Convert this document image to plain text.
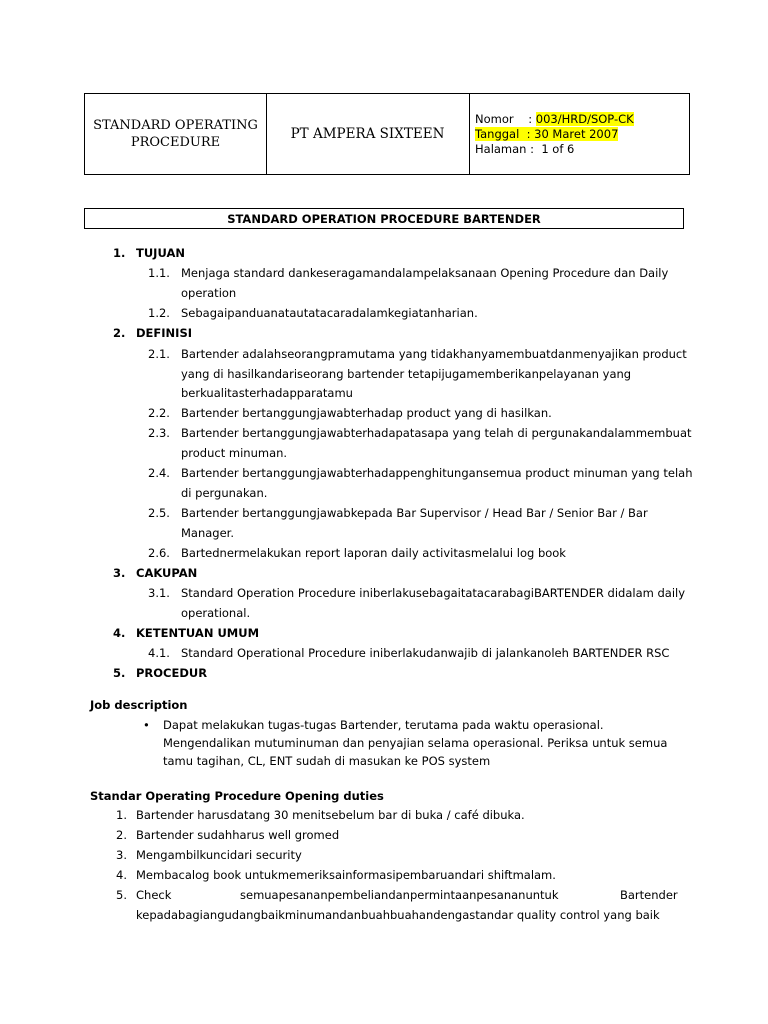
STANDARD OPERATING
PROCEDURE
PT AMPERA SIXTEEN
Nomor    : 003/HRD/SOP-CK
Tanggal  : 30 Maret 2007
Halaman :  1 of 6
STANDARD OPERATION PROCEDURE BARTENDER
1. TUJUAN
1.1. Menjaga standard dankeseragamandalampelaksanaan Opening Procedure dan Daily
operation
1.2. Sebagaipanduanatautatacaradalamkegiatanharian.
2. DEFINISI
2.1. Bartender adalahseorangpramutama yang tidakhanyamembuatdanmenyajikan product
yang di hasilkandariseorang bartender tetapijugamemberikanpelayanan yang
berkualitasterhadapparatamu
2.2. Bartender bertanggungjawabterhadap product yang di hasilkan.
2.3. Bartender bertanggungjawabterhadapatasapa yang telah di pergunakandalammembuat
product minuman.
2.4. Bartender bertanggungjawabterhadappenghitungansemua product minuman yang telah
di pergunakan.
2.5. Bartender bertanggungjawabkepada Bar Supervisor / Head Bar / Senior Bar / Bar
Manager.
2.6. Bartednermelakukan report laporan daily activitasmelalui log book
3. CAKUPAN
3.1. Standard Operation Procedure iniberlakusebagaitatacarabagiBARTENDER didalam daily
operational.
4. KETENTUAN UMUM
4.1. Standard Operational Procedure iniberlakudanwajib di jalankanoleh BARTENDER RSC
5. PROCEDUR
Job description
• Dapat melakukan tugas-tugas Bartender, terutama pada waktu operasional.
Mengendalikan mutuminuman dan penyajian selama operasional. Periksa untuk semua
tamu tagihan, CL, ENT sudah di masukan ke POS system
Standar Operating Procedure Opening duties
1. Bartender harusdatang 30 menitsebelum bar di buka / café dibuka.
2. Bartender sudahharus well gromed
3. Mengambilkuncidari security
4. Membacalog book untukmemeriksainformasipembaruandari shiftmalam.
5. Check	semuapesananpembeliandanpermintaanpesananuntuk	Bartender
kepadabagiangudangbaikminumandanbuahbuahandengastandar quality control yang baik
